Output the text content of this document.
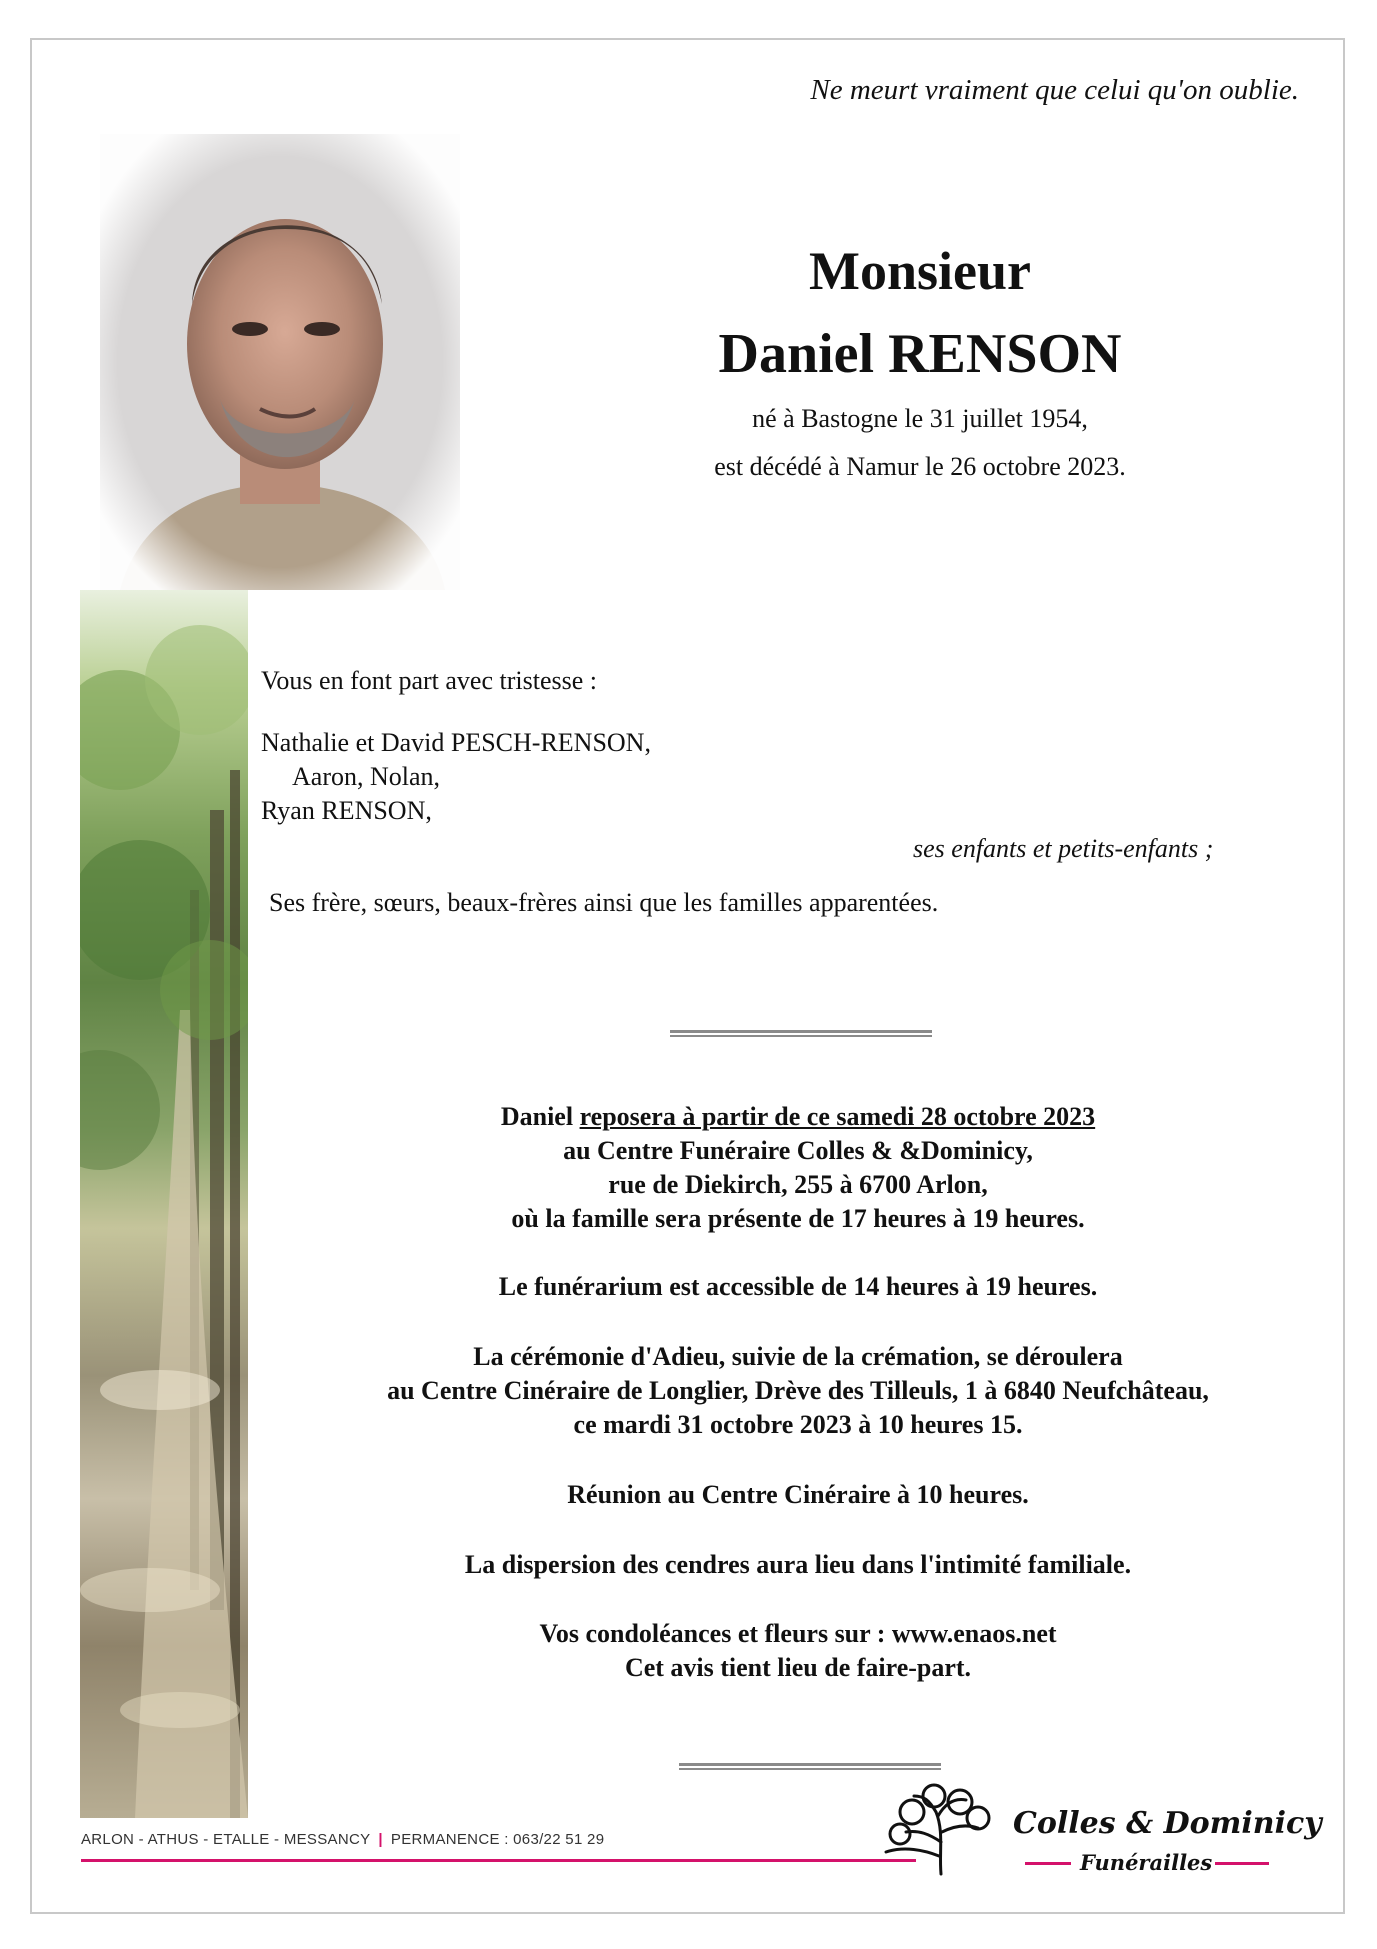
Ne meurt vraiment que celui qu'on oublie.
Monsieur
Daniel RENSON
né à Bastogne le 31 juillet 1954,
est décédé à Namur le 26 octobre 2023.
Vous en font part avec tristesse :
Nathalie et David PESCH-RENSON,
Aaron, Nolan,
Ryan RENSON,
ses enfants et petits-enfants ;
Ses frère, sœurs, beaux-frères ainsi que les familles apparentées.
Daniel reposera à partir de ce samedi 28 octobre 2023
au Centre Funéraire Colles & &Dominicy,
rue de Diekirch, 255 à 6700 Arlon,
où la famille sera présente de 17 heures à 19 heures.
Le funérarium est accessible de 14 heures à 19 heures.
La cérémonie d'Adieu, suivie de la crémation, se déroulera
au Centre Cinéraire de Longlier, Drève des Tilleuls, 1 à 6840 Neufchâteau,
ce mardi 31 octobre 2023 à 10 heures 15.
Réunion au Centre Cinéraire à 10 heures.
La dispersion des cendres aura lieu dans l'intimité familiale.
Vos condoléances et fleurs sur : www.enaos.net
Cet avis tient lieu de faire-part.
ARLON - ATHUS - ETALLE - MESSANCY | PERMANENCE : 063/22 51 29	Colles & Dominicy
Funérailles
